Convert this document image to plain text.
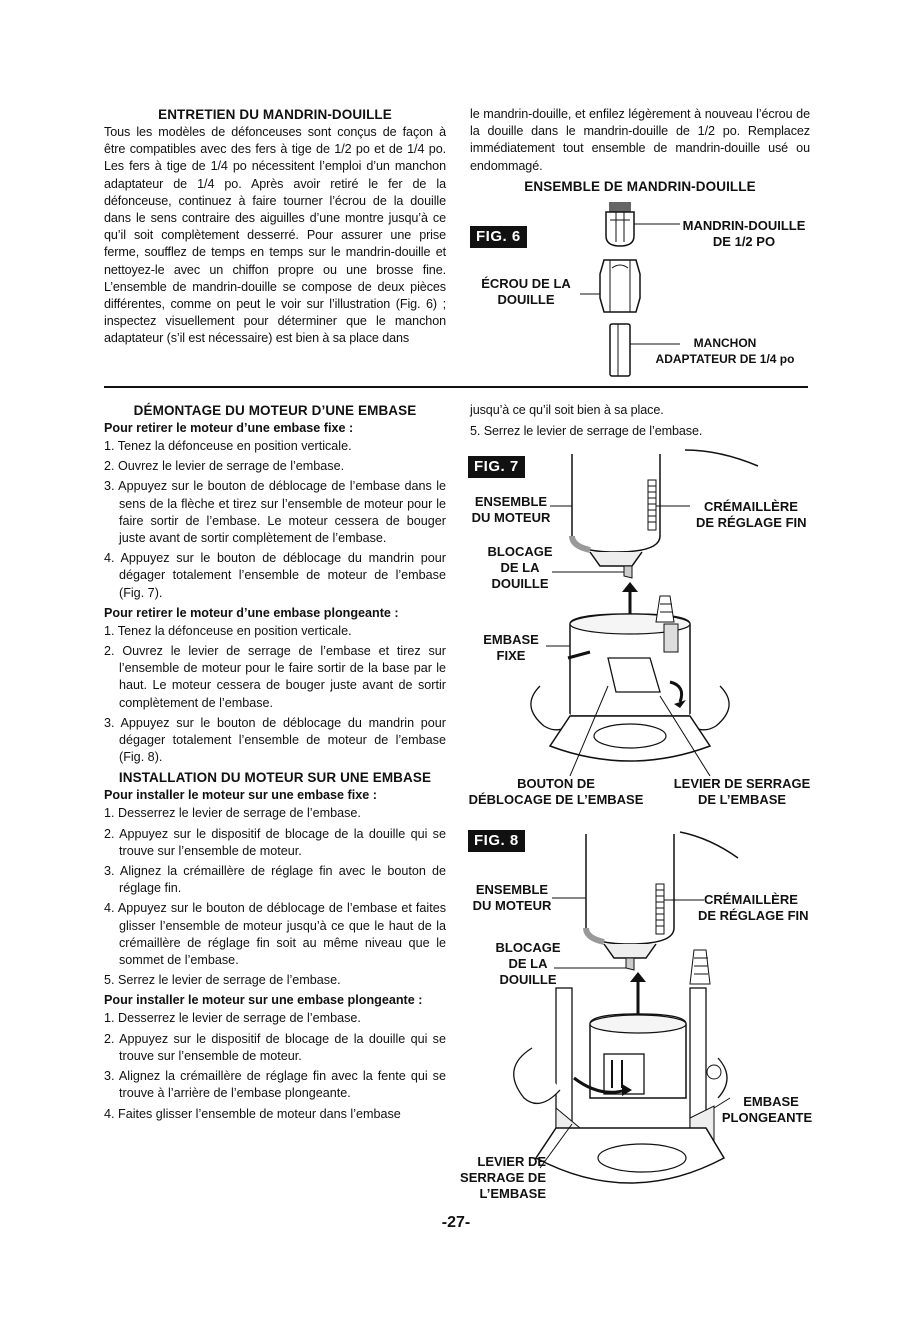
ENTRETIEN DU MANDRIN-DOUILLE

Tous les modèles de défonceuses sont conçus de façon à être compatibles avec des fers à tige de 1/2 po et de 1/4 po. Les fers à tige de 1/4 po nécessitent l’emploi d’un manchon adaptateur de 1/4 po. Après avoir retiré le fer de la défonceuse, continuez à faire tourner l’écrou de la douille dans le sens contraire des aiguilles d’une montre jusqu’à ce qu’il soit complètement desserré. Pour assurer une prise ferme, soufflez de temps en temps sur le mandrin-douille et nettoyez-le avec un chiffon propre ou une brosse fine. L’ensemble de mandrin-douille se compose de deux pièces différentes, comme on peut le voir sur l’illustration (Fig. 6) ; inspectez visuellement pour déterminer que le manchon adaptateur (s’il est nécessaire) est bien à sa place dans

le mandrin-douille, et enfilez légèrement à nouveau l’écrou de la douille dans le mandrin-douille de 1/2 po. Remplacez immédiatement tout ensemble de mandrin-douille usé ou endommagé.

ENSEMBLE DE MANDRIN-DOUILLE

FIG. 6
MANDRIN-DOUILLE
DE 1/2 PO
ÉCROU DE LA
DOUILLE
MANCHON
ADAPTATEUR DE 1/4 po

DÉMONTAGE DU MOTEUR D’UNE EMBASE

Pour retirer le moteur d’une embase fixe :

1. Tenez la défonceuse en position verticale.
2. Ouvrez le levier de serrage de l’embase.
3. Appuyez sur le bouton de déblocage de l’embase dans le sens de la flèche et tirez sur l’ensemble de moteur pour le faire sortir de l’embase. Le moteur cessera de bouger juste avant de sortir complètement de l’embase.
4. Appuyez sur le bouton de déblocage du mandrin pour dégager totalement l’ensemble de moteur de l’embase (Fig. 7).

Pour retirer le moteur d’une embase plongeante :

1. Tenez la défonceuse en position verticale.
2. Ouvrez le levier de serrage de l’embase et tirez sur l’ensemble de moteur pour le faire sortir de la base par le haut. Le moteur cessera de bouger juste avant de sortir complètement de l’embase.
3. Appuyez sur le bouton de déblocage du mandrin pour dégager totalement l’ensemble de moteur de l’embase (Fig. 8).

INSTALLATION DU MOTEUR SUR UNE EMBASE

Pour installer le moteur sur une embase fixe :

1. Desserrez le levier de serrage de l’embase.
2. Appuyez sur le dispositif de blocage de la douille qui se trouve sur l’ensemble de moteur.
3. Alignez la crémaillère de réglage fin avec le bouton de réglage fin.
4. Appuyez sur le bouton de déblocage de l’embase et faites glisser l’ensemble de moteur jusqu’à ce que le haut de la crémaillère de réglage fin soit au même niveau que le sommet de l’embase.
5. Serrez le levier de serrage de l’embase.

Pour installer le moteur sur une embase plongeante :

1. Desserrez le levier de serrage de l’embase.
2. Appuyez sur le dispositif de blocage de la douille qui se trouve sur l’ensemble de moteur.
3. Alignez la crémaillère de réglage fin avec la fente qui se trouve à l’arrière de l’embase plongeante.
4. Faites glisser l’ensemble de moteur dans l’embase

jusqu’à ce qu’il soit bien à sa place.

5. Serrez le levier de serrage de l’embase.

FIG. 7
ENSEMBLE
DU MOTEUR
CRÉMAILLÈRE
DE RÉGLAGE FIN
BLOCAGE
DE LA
DOUILLE
EMBASE
FIXE
BOUTON DE
DÉBLOCAGE DE L’EMBASE
LEVIER DE SERRAGE
DE L’EMBASE
FIG. 8
ENSEMBLE
DU MOTEUR	CRÉMAILLÈRE
DE RÉGLAGE FIN
BLOCAGE
DE LA
DOUILLE
EMBASE
PLONGEANTE
LEVIER DE
SERRAGE DE
L’EMBASE
-27-
